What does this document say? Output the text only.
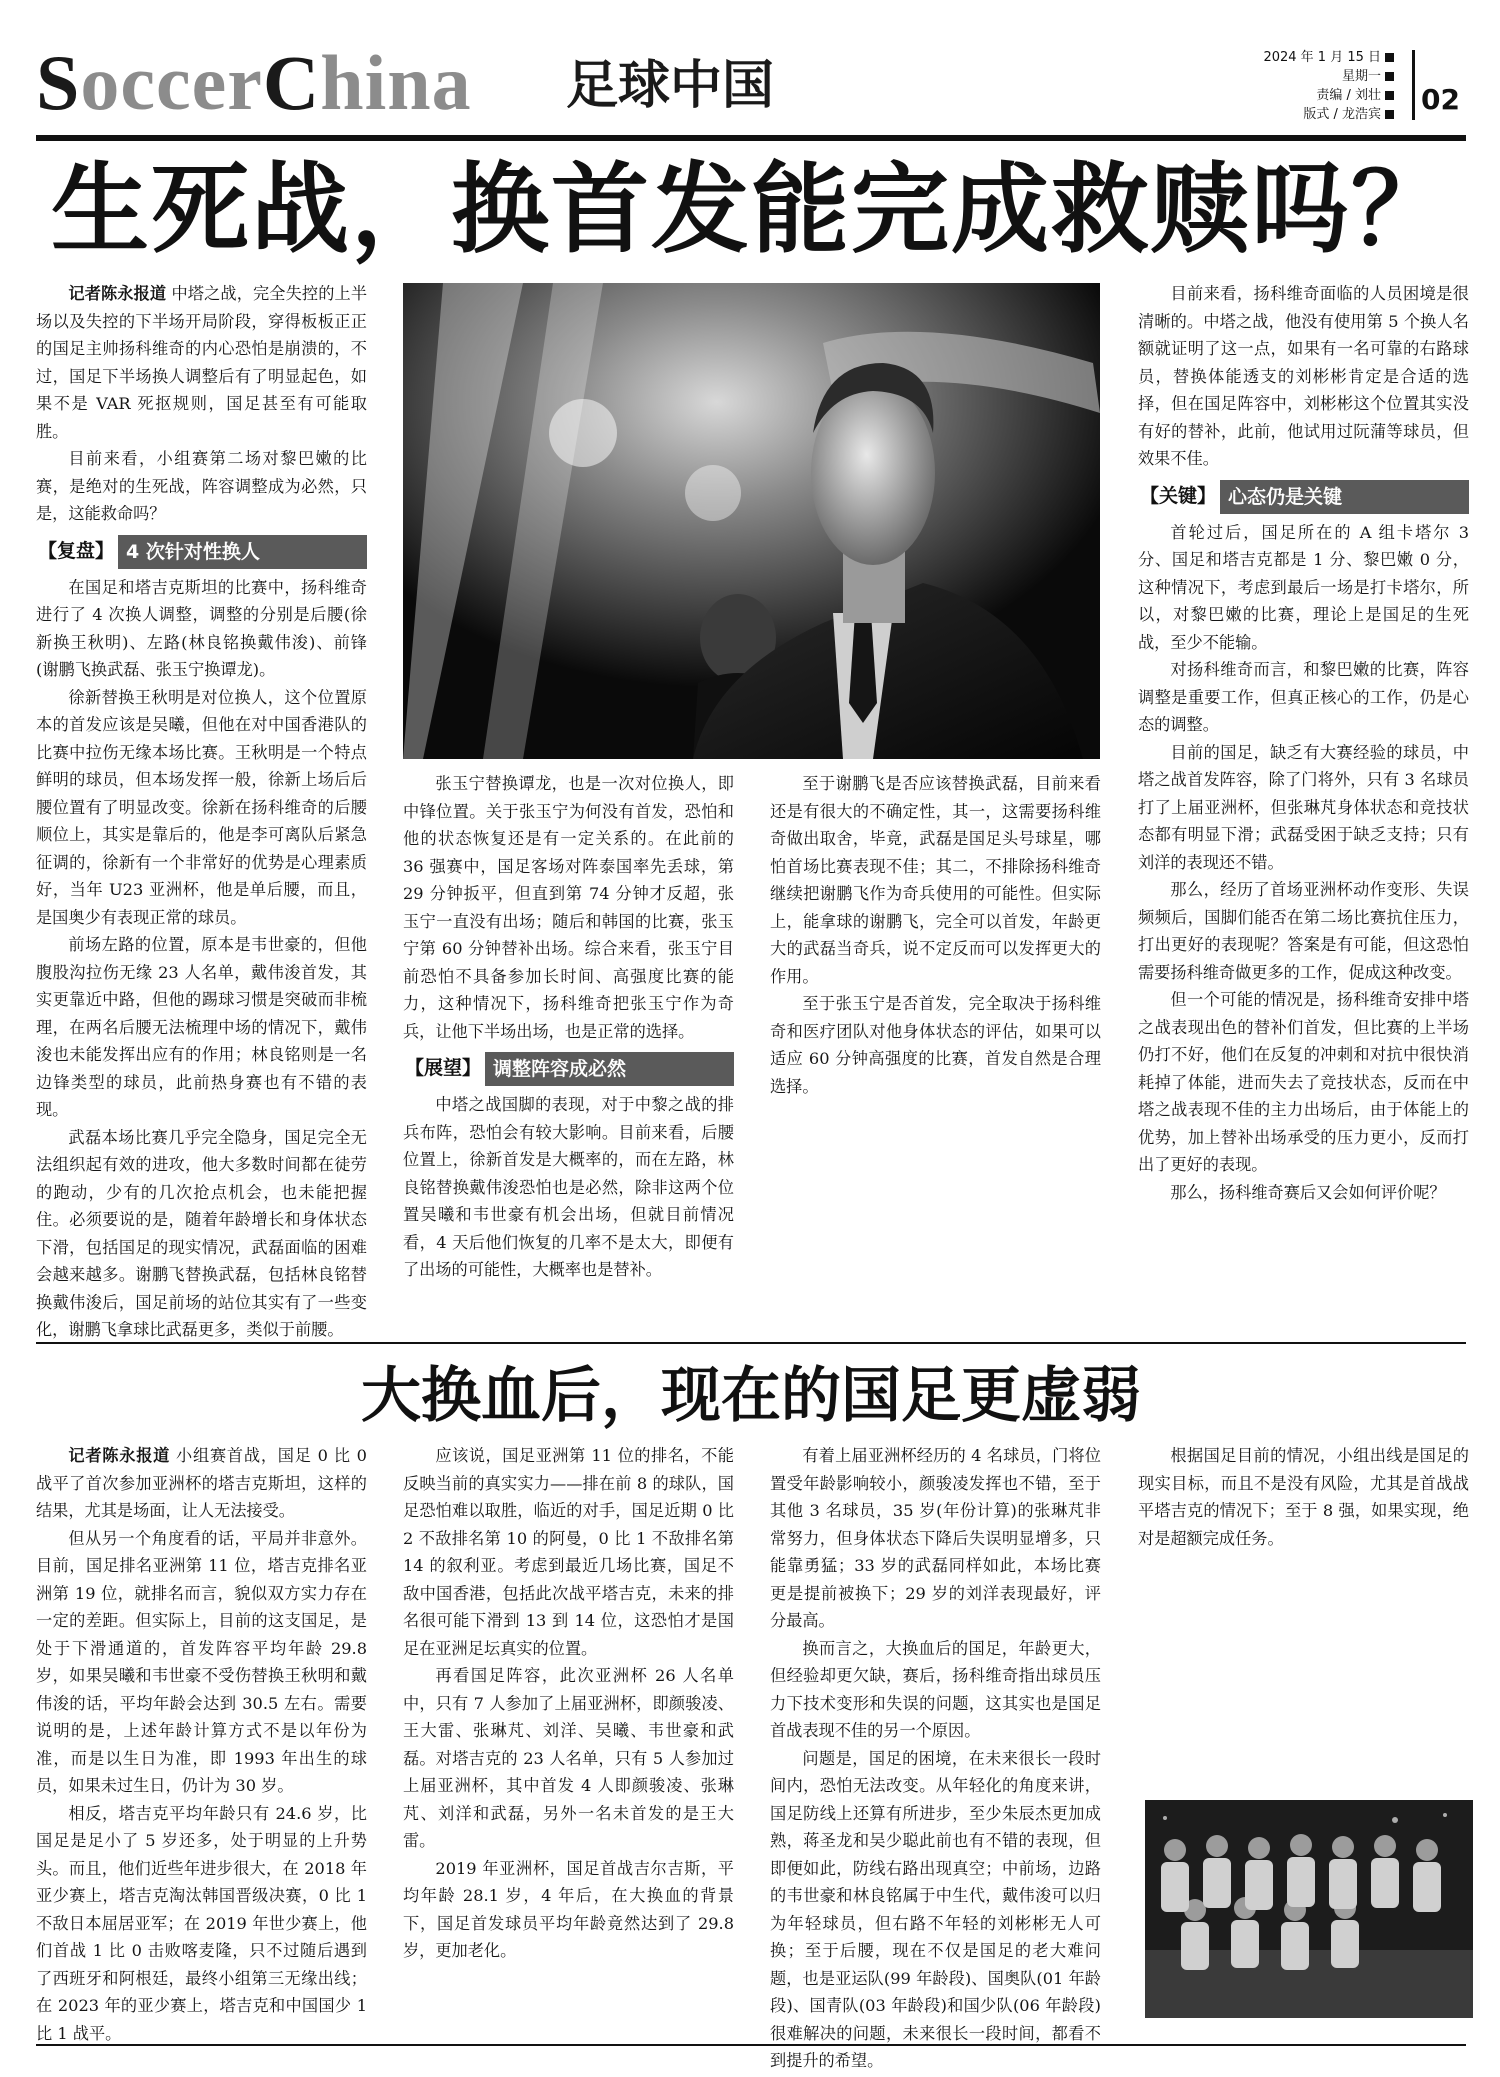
SoccerChina 足球中国	2024 年 1 月 15 日
星期一
责编 / 刘壮
版式 / 龙浩宾	02
生死战，换首发能完成救赎吗？

记者陈永报道 中塔之战，完全失控的上半场以及失控的下半场开局阶段，穿得板板正正的国足主帅扬科维奇的内心恐怕是崩溃的，不过，国足下半场换人调整后有了明显起色，如果不是 VAR 死抠规则，国足甚至有可能取胜。

目前来看，小组赛第二场对黎巴嫩的比赛，是绝对的生死战，阵容调整成为必然，只是，这能救命吗？

【复盘】 4 次针对性换人

在国足和塔吉克斯坦的比赛中，扬科维奇进行了 4 次换人调整，调整的分别是后腰(徐新换王秋明)、左路(林良铭换戴伟浚)、前锋(谢鹏飞换武磊、张玉宁换谭龙)。

徐新替换王秋明是对位换人，这个位置原本的首发应该是吴曦，但他在对中国香港队的比赛中拉伤无缘本场比赛。王秋明是一个特点鲜明的球员，但本场发挥一般，徐新上场后后腰位置有了明显改变。徐新在扬科维奇的后腰顺位上，其实是靠后的，他是李可离队后紧急征调的，徐新有一个非常好的优势是心理素质好，当年 U23 亚洲杯，他是单后腰，而且，是国奥少有表现正常的球员。

前场左路的位置，原本是韦世豪的，但他腹股沟拉伤无缘 23 人名单，戴伟浚首发，其实更靠近中路，但他的踢球习惯是突破而非梳理，在两名后腰无法梳理中场的情况下，戴伟浚也未能发挥出应有的作用；林良铭则是一名边锋类型的球员，此前热身赛也有不错的表现。

武磊本场比赛几乎完全隐身，国足完全无法组织起有效的进攻，他大多数时间都在徒劳的跑动，少有的几次抢点机会，也未能把握住。必须要说的是，随着年龄增长和身体状态下滑，包括国足的现实情况，武磊面临的困难会越来越多。谢鹏飞替换武磊，包括林良铭替换戴伟浚后，国足前场的站位其实有了一些变化，谢鹏飞拿球比武磊更多，类似于前腰。

张玉宁替换谭龙，也是一次对位换人，即中锋位置。关于张玉宁为何没有首发，恐怕和他的状态恢复还是有一定关系的。在此前的 36 强赛中，国足客场对阵泰国率先丢球，第 29 分钟扳平，但直到第 74 分钟才反超，张玉宁一直没有出场；随后和韩国的比赛，张玉宁第 60 分钟替补出场。综合来看，张玉宁目前恐怕不具备参加长时间、高强度比赛的能力，这种情况下，扬科维奇把张玉宁作为奇兵，让他下半场出场，也是正常的选择。

【展望】 调整阵容成必然

中塔之战国脚的表现，对于中黎之战的排兵布阵，恐怕会有较大影响。目前来看，后腰位置上，徐新首发是大概率的，而在左路，林良铭替换戴伟浚恐怕也是必然，除非这两个位置吴曦和韦世豪有机会出场，但就目前情况看，4 天后他们恢复的几率不是太大，即便有了出场的可能性，大概率也是替补。

至于谢鹏飞是否应该替换武磊，目前来看还是有很大的不确定性，其一，这需要扬科维奇做出取舍，毕竟，武磊是国足头号球星，哪怕首场比赛表现不佳；其二，不排除扬科维奇继续把谢鹏飞作为奇兵使用的可能性。但实际上，能拿球的谢鹏飞，完全可以首发，年龄更大的武磊当奇兵，说不定反而可以发挥更大的作用。

至于张玉宁是否首发，完全取决于扬科维奇和医疗团队对他身体状态的评估，如果可以适应 60 分钟高强度的比赛，首发自然是合理选择。

目前来看，扬科维奇面临的人员困境是很清晰的。中塔之战，他没有使用第 5 个换人名额就证明了这一点，如果有一名可靠的右路球员，替换体能透支的刘彬彬肯定是合适的选择，但在国足阵容中，刘彬彬这个位置其实没有好的替补，此前，他试用过阮蒲等球员，但效果不佳。

【关键】 心态仍是关键

首轮过后，国足所在的 A 组卡塔尔 3 分、国足和塔吉克都是 1 分、黎巴嫩 0 分，这种情况下，考虑到最后一场是打卡塔尔，所以，对黎巴嫩的比赛，理论上是国足的生死战，至少不能输。

对扬科维奇而言，和黎巴嫩的比赛，阵容调整是重要工作，但真正核心的工作，仍是心态的调整。

目前的国足，缺乏有大赛经验的球员，中塔之战首发阵容，除了门将外，只有 3 名球员打了上届亚洲杯，但张琳芃身体状态和竞技状态都有明显下滑；武磊受困于缺乏支持；只有刘洋的表现还不错。

那么，经历了首场亚洲杯动作变形、失误频频后，国脚们能否在第二场比赛抗住压力，打出更好的表现呢？答案是有可能，但这恐怕需要扬科维奇做更多的工作，促成这种改变。

但一个可能的情况是，扬科维奇安排中塔之战表现出色的替补们首发，但比赛的上半场仍打不好，他们在反复的冲刺和对抗中很快消耗掉了体能，进而失去了竞技状态，反而在中塔之战表现不佳的主力出场后，由于体能上的优势，加上替补出场承受的压力更小，反而打出了更好的表现。

那么，扬科维奇赛后又会如何评价呢？

大换血后，现在的国足更虚弱

记者陈永报道 小组赛首战，国足 0 比 0 战平了首次参加亚洲杯的塔吉克斯坦，这样的结果，尤其是场面，让人无法接受。

但从另一个角度看的话，平局并非意外。目前，国足排名亚洲第 11 位，塔吉克排名亚洲第 19 位，就排名而言，貌似双方实力存在一定的差距。但实际上，目前的这支国足，是处于下滑通道的，首发阵容平均年龄 29.8 岁，如果吴曦和韦世豪不受伤替换王秋明和戴伟浚的话，平均年龄会达到 30.5 左右。需要说明的是，上述年龄计算方式不是以年份为准，而是以生日为准，即 1993 年出生的球员，如果未过生日，仍计为 30 岁。

相反，塔吉克平均年龄只有 24.6 岁，比国足是足小了 5 岁还多，处于明显的上升势头。而且，他们近些年进步很大，在 2018 年亚少赛上，塔吉克淘汰韩国晋级决赛，0 比 1 不敌日本屈居亚军；在 2019 年世少赛上，他们首战 1 比 0 击败喀麦隆，只不过随后遇到了西班牙和阿根廷，最终小组第三无缘出线；在 2023 年的亚少赛上，塔吉克和中国国少 1 比 1 战平。

应该说，国足亚洲第 11 位的排名，不能反映当前的真实实力——排在前 8 的球队，国足恐怕难以取胜，临近的对手，国足近期 0 比 2 不敌排名第 10 的阿曼，0 比 1 不敌排名第 14 的叙利亚。考虑到最近几场比赛，国足不敌中国香港，包括此次战平塔吉克，未来的排名很可能下滑到 13 到 14 位，这恐怕才是国足在亚洲足坛真实的位置。

再看国足阵容，此次亚洲杯 26 人名单中，只有 7 人参加了上届亚洲杯，即颜骏凌、王大雷、张琳芃、刘洋、吴曦、韦世豪和武磊。对塔吉克的 23 人名单，只有 5 人参加过上届亚洲杯，其中首发 4 人即颜骏凌、张琳芃、刘洋和武磊，另外一名未首发的是王大雷。

2019 年亚洲杯，国足首战吉尔吉斯，平均年龄 28.1 岁，4 年后，在大换血的背景下，国足首发球员平均年龄竟然达到了 29.8 岁，更加老化。

有着上届亚洲杯经历的 4 名球员，门将位置受年龄影响较小，颜骏凌发挥也不错，至于其他 3 名球员，35 岁(年份计算)的张琳芃非常努力，但身体状态下降后失误明显增多，只能靠勇猛；33 岁的武磊同样如此，本场比赛更是提前被换下；29 岁的刘洋表现最好，评分最高。

换而言之，大换血后的国足，年龄更大，但经验却更欠缺，赛后，扬科维奇指出球员压力下技术变形和失误的问题，这其实也是国足首战表现不佳的另一个原因。

问题是，国足的困境，在未来很长一段时间内，恐怕无法改变。从年轻化的角度来讲，国足防线上还算有所进步，至少朱辰杰更加成熟，蒋圣龙和吴少聪此前也有不错的表现，但即便如此，防线右路出现真空；中前场，边路的韦世豪和林良铭属于中生代，戴伟浚可以归为年轻球员，但右路不年轻的刘彬彬无人可换；至于后腰，现在不仅是国足的老大难问题，也是亚运队(99 年龄段)、国奥队(01 年龄段)、国青队(03 年龄段)和国少队(06 年龄段)很难解决的问题，未来很长一段时间，都看不到提升的希望。

根据国足目前的情况，小组出线是国足的现实目标，而且不是没有风险，尤其是首战战平塔吉克的情况下；至于 8 强，如果实现，绝对是超额完成任务。
